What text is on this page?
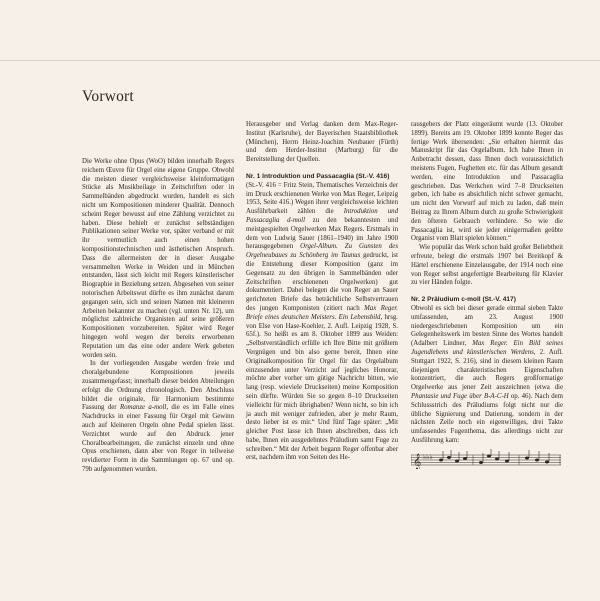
Vorwort

Die Werke ohne Opus (WoO) bilden innerhalb Regers reichem Œuvre für Orgel eine eigene Gruppe. Obwohl die meisten dieser vergleichsweise kleinformatigen Stücke als Musikbeilage in Zeitschriften oder in Sammelbänden abgedruckt wurden, handelt es sich nicht um Kompositionen minderer Qualität. Dennoch scheint Reger bewusst auf eine Zählung verzichtet zu haben. Diese behielt er zunächst selbständigen Publikationen seiner Werke vor, später verband er mit ihr vermutlich auch einen hohen kompositionstechnischen und ästhetischen Anspruch. Dass die allermeisten der in dieser Ausgabe versammelten Werke in Weiden und in München entstanden, lässt sich leicht mit Regers künstlerischer Biographie in Beziehung setzen. Abgesehen von seiner notorischen Arbeitswut dürfte es ihm zunächst darum gegangen sein, sich und seinen Namen mit kleineren Arbeiten bekannter zu machen (vgl. unten Nr. 12), um möglichst zahlreiche Organisten auf seine größeren Kompositionen vorzubereiten. Später wird Reger hingegen wohl wegen der bereits erworbenen Reputation um das eine oder andere Werk gebeten worden sein.

In der vorliegenden Ausgabe werden freie und choralgebundene Kompositionen jeweils zusammengefasst; innerhalb dieser beiden Abteilungen erfolgt die Ordnung chronologisch. Den Abschluss bildet die originale, für Harmonium bestimmte Fassung der Romanze a-moll, die es im Falle eines Nachdrucks in einer Fassung für Orgel mit Gewinn auch auf kleineren Orgeln ohne Pedal spielen lässt. Verzichtet wurde auf den Abdruck jener Choralbearbeitungen, die zunächst einzeln und ohne Opus erschienen, dann aber von Reger in teilweise revidierter Form in die Sammlungen op. 67 und op. 79b aufgenommen wurden.

Herausgeber und Verlag danken dem Max-Reger-Institut (Karlsruhe), der Bayerischen Staatsbibliothek (München), Herrn Heinz-Joachim Neubauer (Fürth) und dem Herder-Institut (Marburg) für die Bereitstellung der Quellen.

Nr. 1 Introduktion und Passacaglia (St.-V. 416)

(St.-V. 416 = Fritz Stein, Thematisches Verzeichnis der im Druck erschienenen Werke von Max Reger, Leipzig 1953, Seite 416.) Wegen ihrer vergleichsweise leichten Ausführbarkeit zählen die Introduktion und Passacaglia d-moll zu den bekanntesten und meistgespielten Orgelwerken Max Regers. Erstmals in dem von Ludwig Sauer (1861–1940) im Jahre 1900 herausgegebenen Orgel-Album. Zu Gunsten des Orgelneubaues zu Schönberg im Taunus gedruckt, ist die Entstehung dieser Komposition (ganz im Gegensatz zu den übrigen in Sammelbänden oder Zeitschriften erschienenen Orgelwerken) gut dokumentiert. Dabei belegen die von Reger an Sauer gerichteten Briefe das beträchtliche Selbstvertrauen des jungen Komponisten (zitiert nach Max Reger. Briefe eines deutschen Meisters. Ein Lebensbild, hrsg. von Else von Hase-Koehler, 2. Aufl. Leipzig 1928, S. 65f.). So heißt es am 8. Oktober 1899 aus Weiden: „Selbstverständlich erfülle ich Ihre Bitte mit größtem Vergnügen und bin also gerne bereit, Ihnen eine Originalkomposition für Orgel für das Orgelalbum einzusenden unter Verzicht auf jegliches Honorar, möchte aber vorher um gütige Nachricht bitten, wie lang (resp. wieviele Druckseiten) meine Komposition sein dürfte. Würden Sie so gegen 8–10 Druckseiten vielleicht für mich übrighaben? Wenn nicht, so bin ich ja auch mit weniger zufrieden, aber je mehr Raum, desto lieber ist es mir.“ Und fünf Tage später: „Mit gleicher Post lasse ich Ihnen abschreiben, dass ich habe, Ihnen ein ausgedehntes Präludium samt Fuge zu schreiben.“ Mit der Arbeit begann Reger offenbar aber erst, nachdem ihm von Seiten des He-

rausgebers der Platz eingeräumt wurde (13. Oktober 1899). Bereits am 19. Oktober 1899 konnte Reger das fertige Werk übersenden: „Sie erhalten hiermit das Manuskript für das Orgelalbum. Ich habe Ihnen in Anbetracht dessen, dass Ihnen doch voraussichtlich meistens Fugen, Fughetten etc. für das Album gesandt werden, eine Introduktion und Passacaglia geschrieben. Das Werkchen wird 7–8 Druckseiten geben, ich habe es absichtlich nicht schwer gemacht, um nicht den Vorwurf auf mich zu laden, daß mein Beitrag zu Ihrem Album durch zu große Schwierigkeit den öfteren Gebrauch verhindere. So wie die Passacaglia ist, wird sie jeder einigermaßen geübte Organist vom Blatt spielen können.“

Wie populär das Werk schon bald großer Beliebtheit erfreute, belegt die erstmals 1907 bei Breitkopf & Härtel erschienene Einzelausgabe, der 1914 noch eine von Reger selbst angefertigte Bearbeitung für Klavier zu vier Händen folgte.

Nr. 2 Präludium c-moll (St.-V. 417)

Obwohl es sich bei dieser gerade einmal sieben Takte umfassenden, am 23. August 1900 niedergeschriebenen Komposition um ein Gelegenheitswerk im besten Sinne des Wortes handelt (Adalbert Lindner, Max Reger. Ein Bild seines Jugendlebens und künstlerischen Werdens, 2. Aufl. Stuttgart 1922, S. 216), sind in diesem kleinen Raum diejenigen charakteristischen Eigenschaften konzentriert, die auch Regers großformatige Orgelwerke aus jener Zeit auszeichnen (etwa die Phantasie und Fuge über B-A-C-H op. 46). Nach dem Schlussstrich des Präludiums folgt nicht nur die übliche Signierung und Datierung, sondern in der nächsten Zeile noch ein eigenwilliges, drei Takte umfassendes Fugenthema, das allerdings nicht zur Ausführung kam:

𝄞 ♭♭♭
